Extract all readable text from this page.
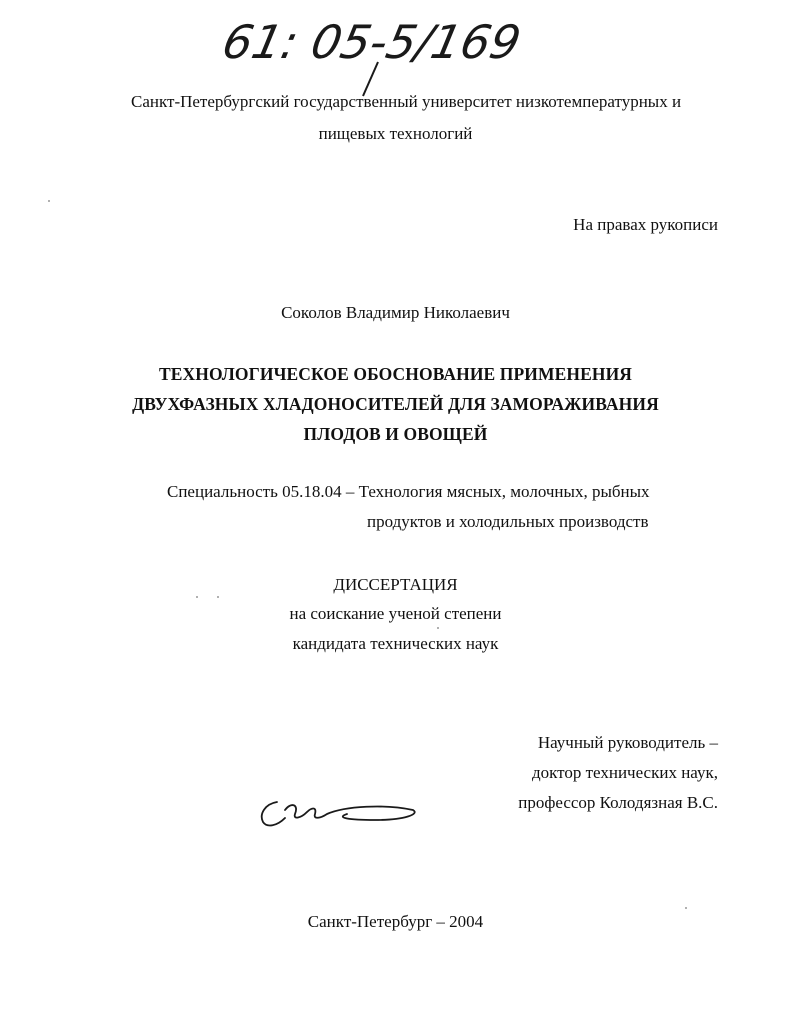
61: 05-5/169
Санкт-Петербургский государственный университет низкотемпературных и
пищевых технологий
На правах рукописи
Соколов Владимир Николаевич
ТЕХНОЛОГИЧЕСКОЕ ОБОСНОВАНИЕ ПРИМЕНЕНИЯ
ДВУХФАЗНЫХ ХЛАДОНОСИТЕЛЕЙ ДЛЯ ЗАМОРАЖИВАНИЯ
ПЛОДОВ И ОВОЩЕЙ
Специальность 05.18.04 – Технология мясных, молочных, рыбных
продуктов и холодильных производств
ДИССЕРТАЦИЯ
на соискание ученой степени
кандидата технических наук
Научный руководитель –
доктор технических наук,
профессор Колодязная В.С.
Санкт-Петербург – 2004
